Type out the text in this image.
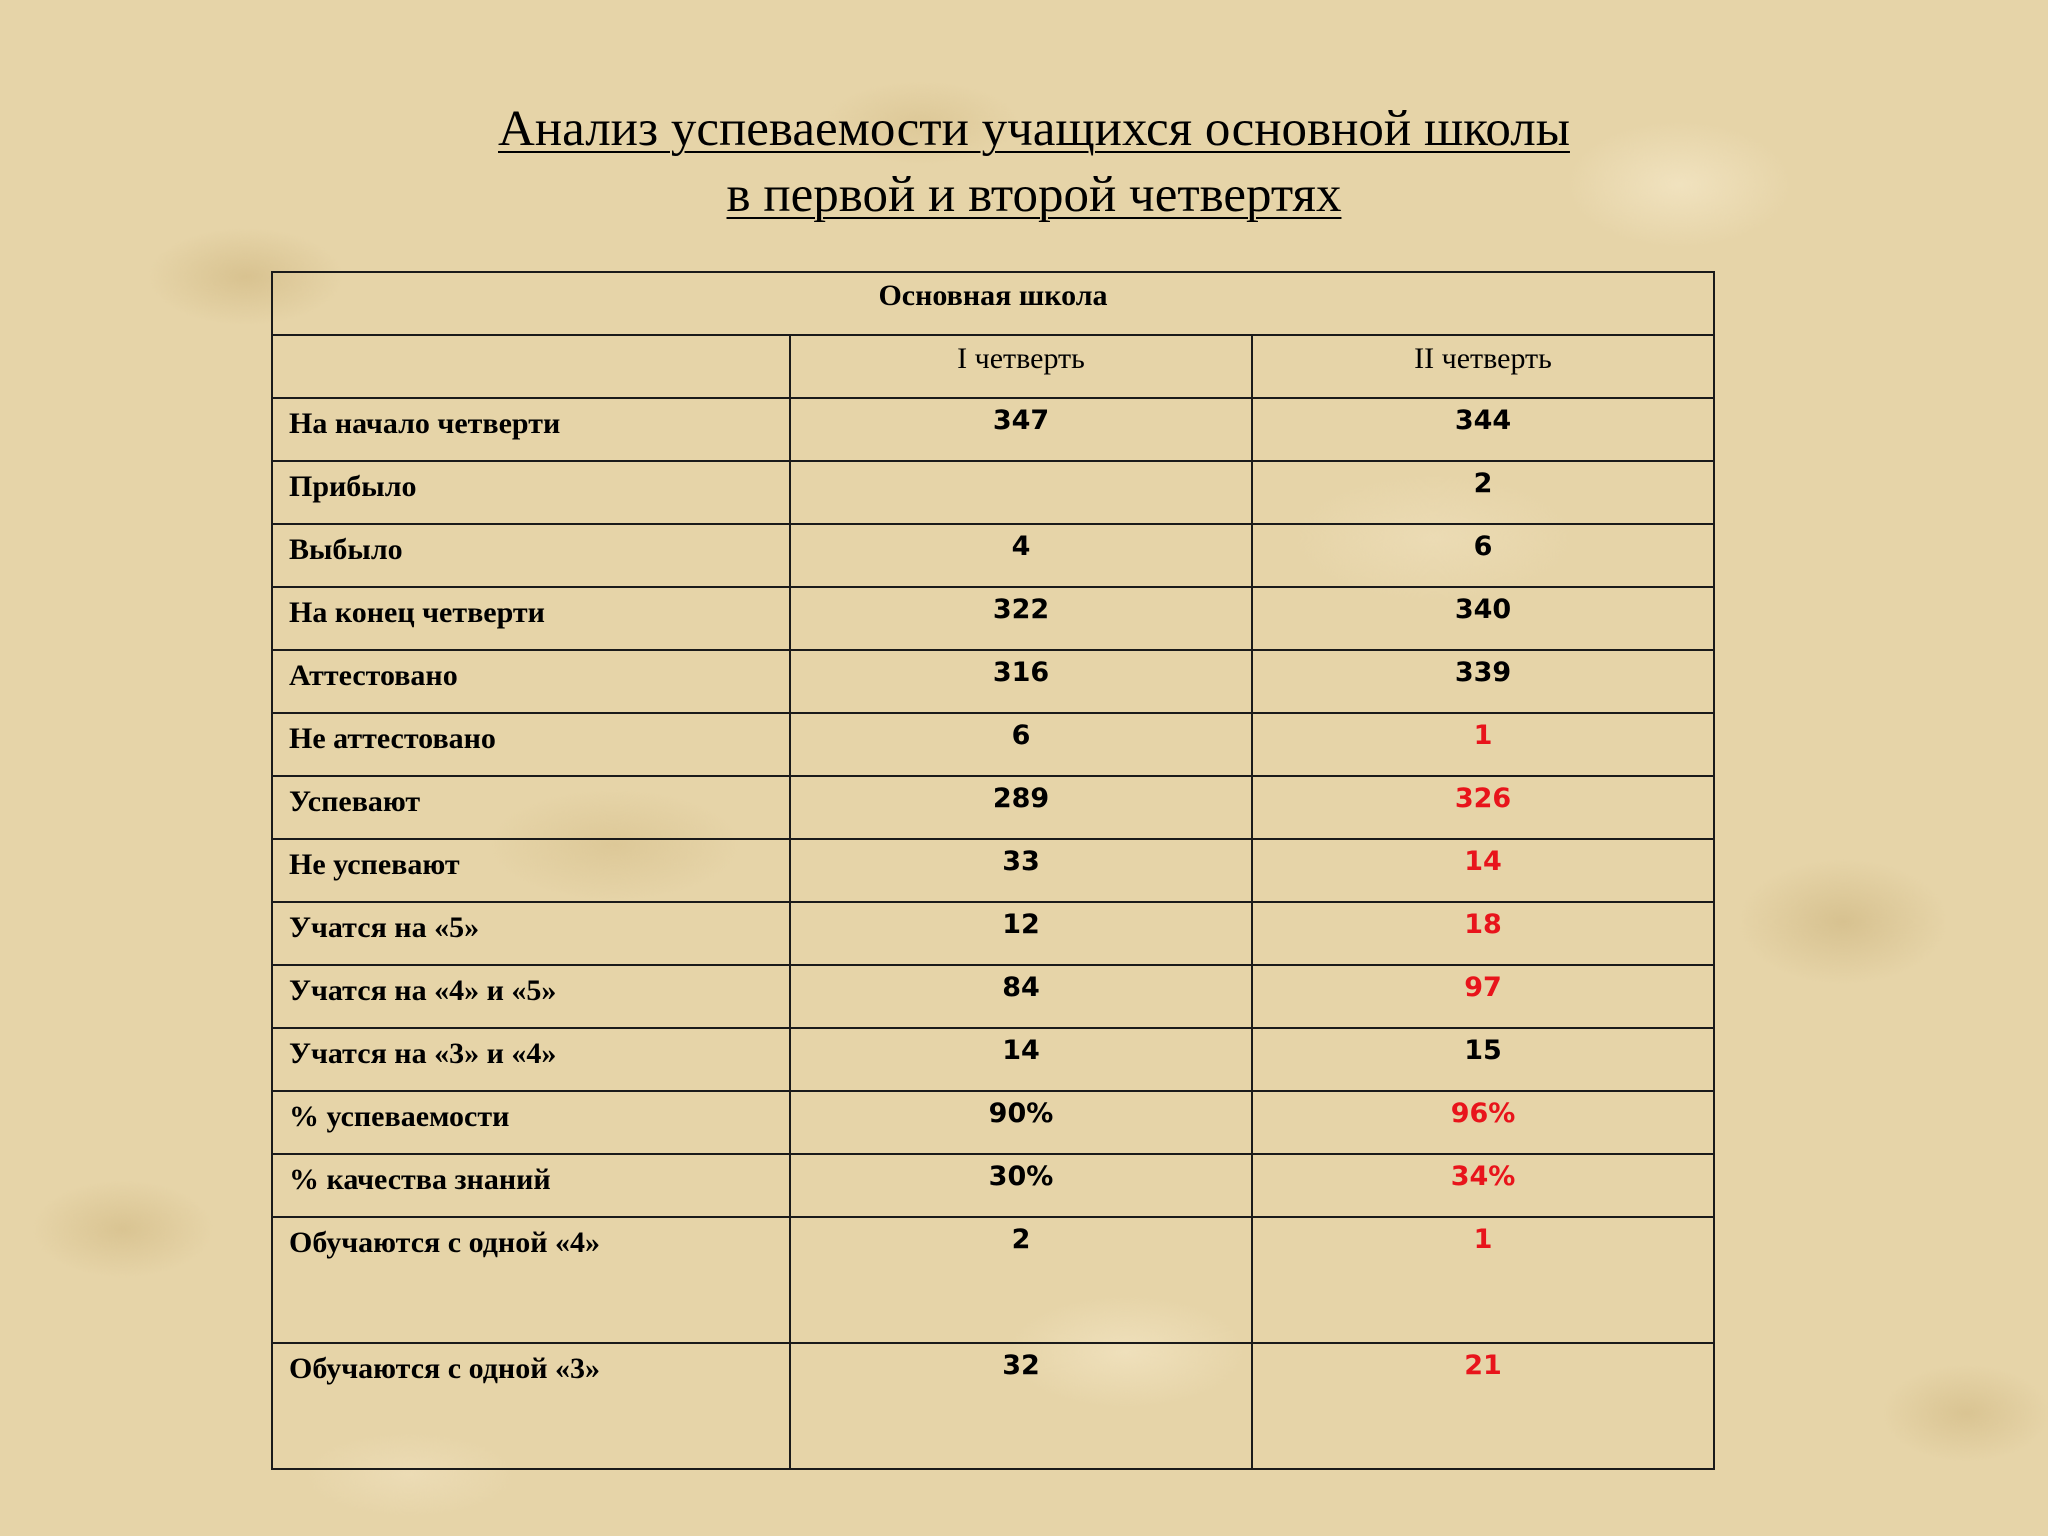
Анализ успеваемости учащихся основной школы
в первой и второй четвертях
Основная школа		
	I четверть	II четверть
На начало четверти	347	344
Прибыло		2
Выбыло	4	6
На конец четверти	322	340
Аттестовано	316	339
Не аттестовано	6	1
Успевают	289	326
Не успевают	33	14
Учатся на «5»	12	18
Учатся на «4» и «5»	84	97
Учатся на «3» и «4»	14	15
% успеваемости	90%	96%
% качества знаний	30%	34%
Обучаются с одной «4»	2	1
Обучаются с одной «3»	32	21
